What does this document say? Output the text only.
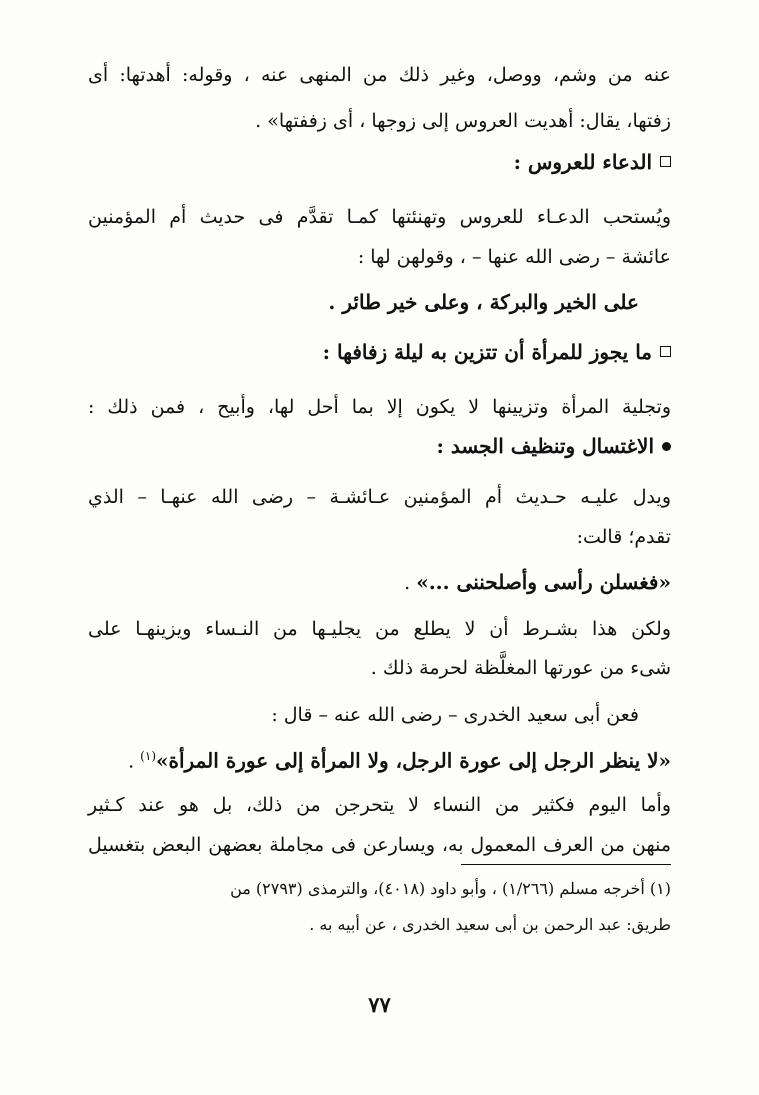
عنه من وشم، ووصل، وغير ذلك من المنهى عنه ، وقوله: أهدتها: أى
زفتها، يقال: أهديت العروس إلى زوجها ، أى زففتها» .
الدعاء للعروس :
ويُستحب الدعـاء للعروس وتهنئتها كمـا تقدَّم فى حديث أم المؤمنين
عائشة – رضى الله عنها – ، وقولهن لها :
على الخير والبركة ، وعلى خير طائر .
ما يجوز للمرأة أن تتزين به ليلة زفافها :
وتجلية المرأة وتزيينها لا يكون إلا بما أحل لها، وأبيح ، فمن ذلك :
الاغتسال وتنظيف الجسد :
ويدل عليـه حـديث أم المؤمنين عـائشـة – رضى الله عنهـا – الذي
تقدم؛ قالت:
«فغسلن رأسى وأصلحننى ...» .
ولكن هذا بشـرط أن لا يطلع من يجليـها من النـساء ويزينهـا على
شىء من عورتها المغلَّظة لحرمة ذلك .
فعن أبى سعيد الخدرى – رضى الله عنه – قال :
«لا ينظر الرجل إلى عورة الرجل، ولا المرأة إلى عورة المرأة»$^{(١)}$ .
وأما اليوم فكثير من النساء لا يتحرجن من ذلك، بل هو عند كـثير
منهن من العرف المعمول به، ويسارعن فى مجاملة بعضهن البعض بتغسيل
(١) أخرجه مسلم (١/٢٦٦) ، وأبو داود (٤٠١٨)، والترمذى (٢٧٩٣) من
طريق: عبد الرحمن بن أبى سعيد الخدرى ، عن أبيه به .
٧٧
